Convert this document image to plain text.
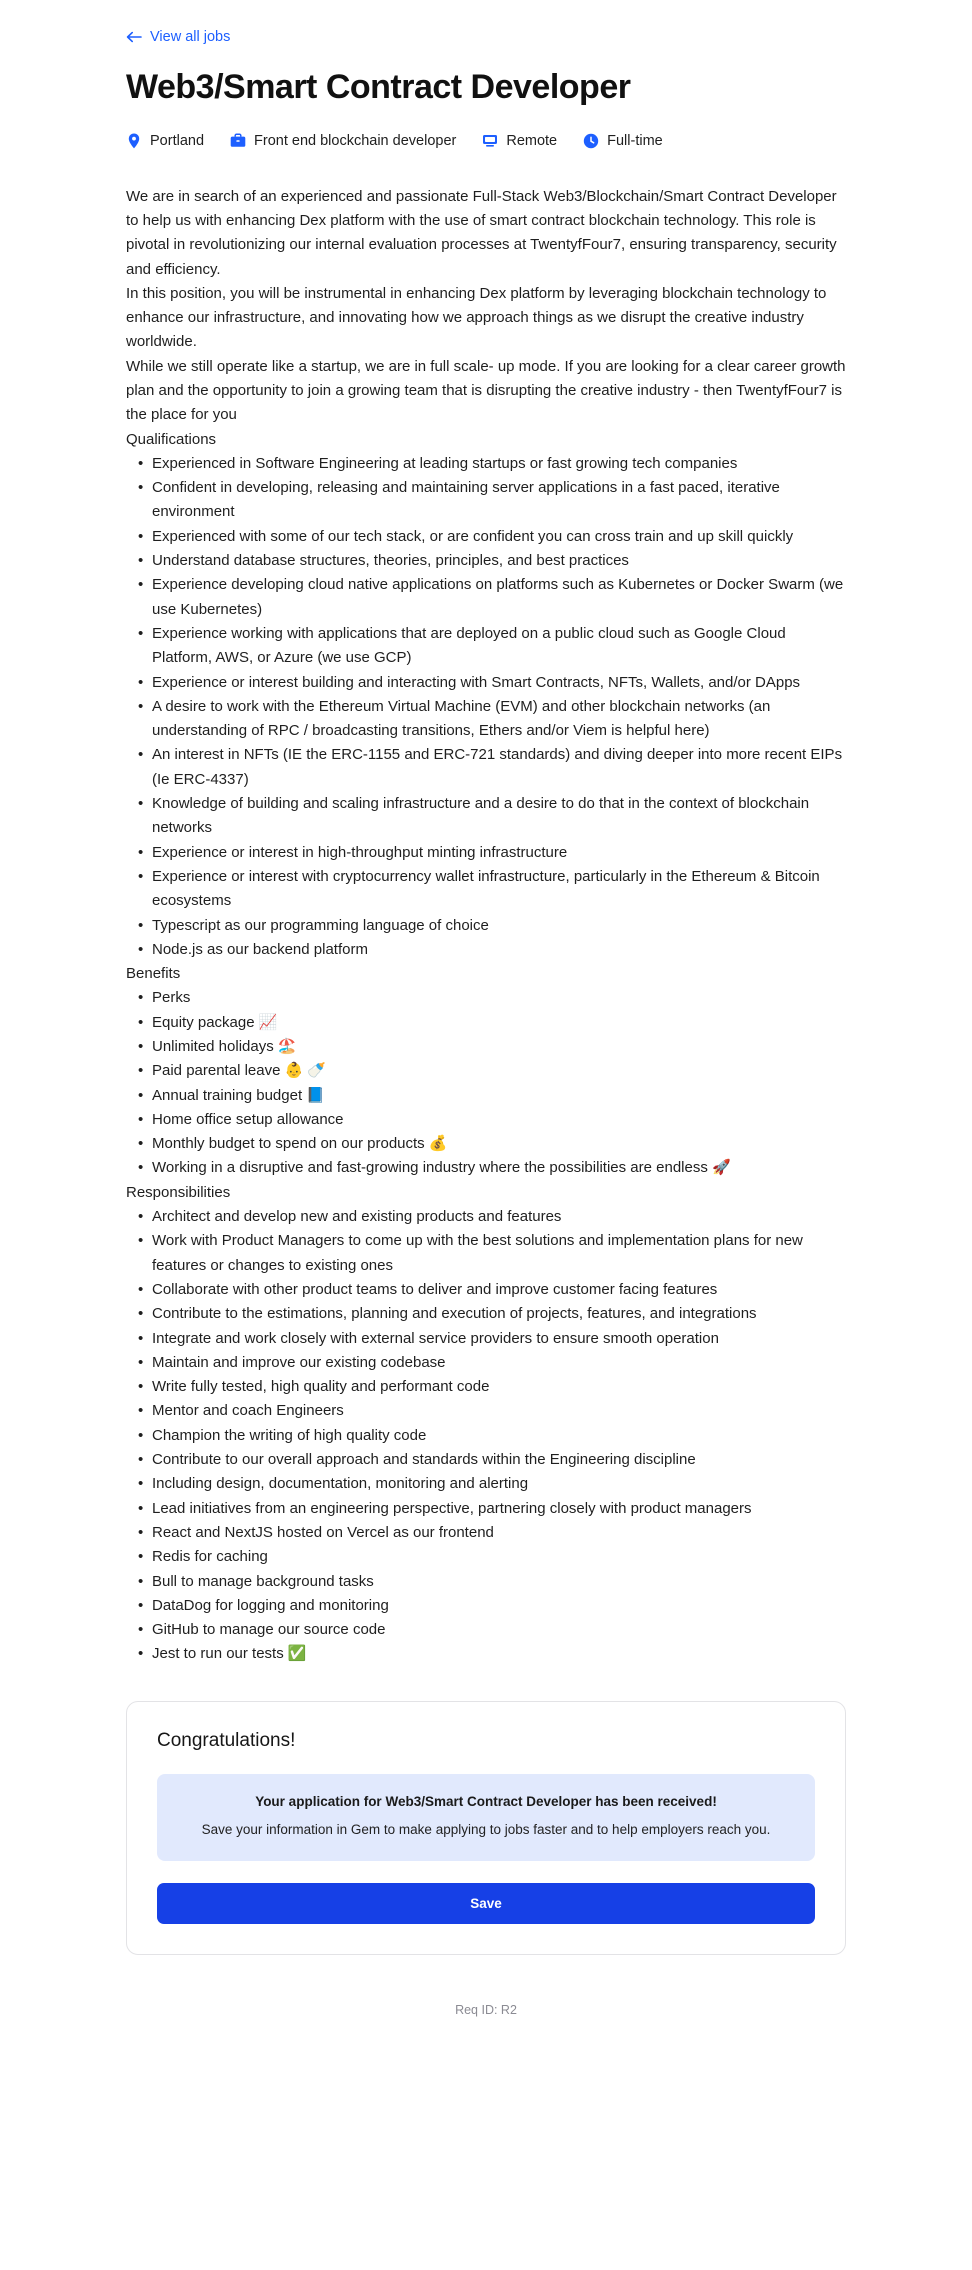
View all jobs
Web3/Smart Contract Developer
Portland	Front end blockchain developer	Remote	Full-time

We are in search of an experienced and passionate Full-Stack Web3/Blockchain/Smart Contract Developer to help us with enhancing Dex platform with the use of smart contract blockchain technology. This role is pivotal in revolutionizing our internal evaluation processes at TwentyfFour7, ensuring transparency, security and efficiency.

In this position, you will be instrumental in enhancing Dex platform by leveraging blockchain technology to enhance our infrastructure, and innovating how we approach things as we disrupt the creative industry worldwide.

While we still operate like a startup, we are in full scale- up mode. If you are looking for a clear career growth plan and the opportunity to join a growing team that is disrupting the creative industry - then TwentyfFour7 is the place for you

Qualifications

• Experienced in Software Engineering at leading startups or fast growing tech companies
• Confident in developing, releasing and maintaining server applications in a fast paced, iterative environment
• Experienced with some of our tech stack, or are confident you can cross train and up skill quickly
• Understand database structures, theories, principles, and best practices
• Experience developing cloud native applications on platforms such as Kubernetes or Docker Swarm (we use Kubernetes)
• Experience working with applications that are deployed on a public cloud such as Google Cloud Platform, AWS, or Azure (we use GCP)
• Experience or interest building and interacting with Smart Contracts, NFTs, Wallets, and/or DApps
• A desire to work with the Ethereum Virtual Machine (EVM) and other blockchain networks (an understanding of RPC / broadcasting transitions, Ethers and/or Viem is helpful here)
• An interest in NFTs (IE the ERC-1155 and ERC-721 standards) and diving deeper into more recent EIPs (Ie ERC-4337)
• Knowledge of building and scaling infrastructure and a desire to do that in the context of blockchain networks
• Experience or interest in high-throughput minting infrastructure
• Experience or interest with cryptocurrency wallet infrastructure, particularly in the Ethereum & Bitcoin ecosystems
• Typescript as our programming language of choice
• Node.js as our backend platform

Benefits

• Perks
• Equity package 📈
• Unlimited holidays 🏖️
• Paid parental leave 👶 🍼
• Annual training budget 📘
• Home office setup allowance
• Monthly budget to spend on our products 💰
• Working in a disruptive and fast-growing industry where the possibilities are endless 🚀

Responsibilities

• Architect and develop new and existing products and features
• Work with Product Managers to come up with the best solutions and implementation plans for new features or changes to existing ones
• Collaborate with other product teams to deliver and improve customer facing features
• Contribute to the estimations, planning and execution of projects, features, and integrations
• Integrate and work closely with external service providers to ensure smooth operation
• Maintain and improve our existing codebase
• Write fully tested, high quality and performant code
• Mentor and coach Engineers
• Champion the writing of high quality code
• Contribute to our overall approach and standards within the Engineering discipline
• Including design, documentation, monitoring and alerting
• Lead initiatives from an engineering perspective, partnering closely with product managers
• React and NextJS hosted on Vercel as our frontend
• Redis for caching
• Bull to manage background tasks
• DataDog for logging and monitoring
• GitHub to manage our source code
• Jest to run our tests ✅
Congratulations!

Your application for Web3/Smart Contract Developer has been received!

Save your information in Gem to make applying to jobs faster and to help employers reach you.

Save
Req ID: R2
